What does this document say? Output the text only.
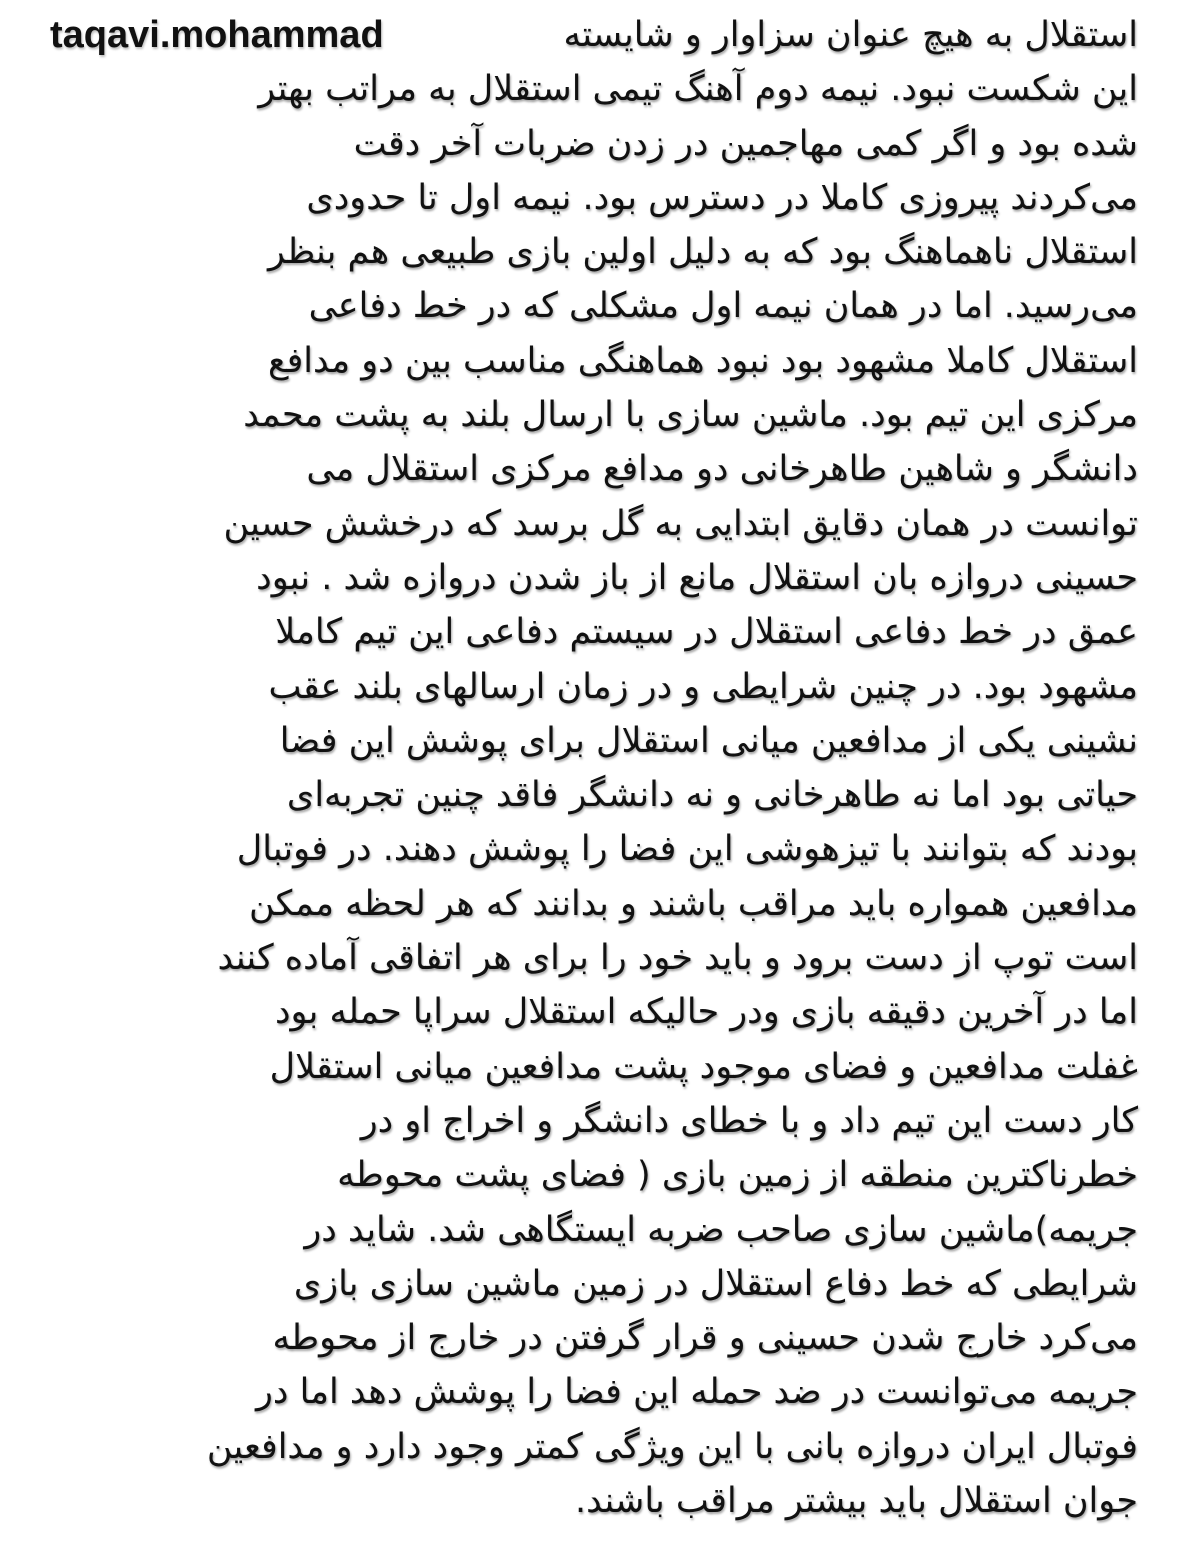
taqavi.mohammad	استقلال به هیچ عنوان سزاوار و شایسته
این شکست نبود. نیمه دوم آهنگ تیمی استقلال به مراتب بهتر
شده بود و اگر کمی مهاجمین در زدن ضربات آخر دقت
می‌کردند پیروزی کاملا در دسترس بود. نیمه اول تا حدودی
استقلال ناهماهنگ بود که به دلیل اولین بازی طبیعی هم بنظر
می‌رسید. اما در همان نیمه اول مشکلی که در خط دفاعی
استقلال کاملا مشهود بود نبود هماهنگی مناسب بین دو مدافع
مرکزی این تیم بود. ماشین سازی با ارسال بلند به پشت محمد
دانشگر و شاهین طاهرخانی دو مدافع مرکزی استقلال می
توانست در همان دقایق ابتدایی به گل برسد که درخشش حسین
حسینی دروازه بان استقلال مانع از باز شدن دروازه شد . نبود
عمق در خط دفاعی استقلال در سیستم دفاعی این تیم کاملا
مشهود بود. در چنین شرایطی و در زمان ارسالهای بلند عقب
نشینی یکی از مدافعین میانی استقلال برای پوشش این فضا
حیاتی بود اما نه طاهرخانی و نه دانشگر فاقد چنین تجربه‌ای
بودند که بتوانند با تیزهوشی این فضا را پوشش دهند. در فوتبال
مدافعین همواره باید مراقب باشند و بدانند که هر لحظه ممکن
است توپ از دست برود و باید خود را برای هر اتفاقی آماده کنند
اما در آخرین دقیقه بازی ودر حالیکه استقلال سراپا حمله بود
غفلت مدافعین و فضای موجود پشت مدافعین میانی استقلال
کار دست این تیم داد و با خطای دانشگر و اخراج او در
خطرناکترین منطقه از زمین بازی ( فضای پشت محوطه
جریمه)ماشین سازی صاحب ضربه ایستگاهی شد. شاید در
شرایطی که خط دفاع استقلال در زمین ماشین سازی بازی
می‌کرد خارج شدن حسینی و قرار گرفتن در خارج از محوطه
جریمه می‌توانست در ضد حمله این فضا را پوشش دهد اما در
فوتبال ایران دروازه بانی با این ویژگی کمتر وجود دارد و مدافعین
جوان استقلال باید بیشتر مراقب باشند.
